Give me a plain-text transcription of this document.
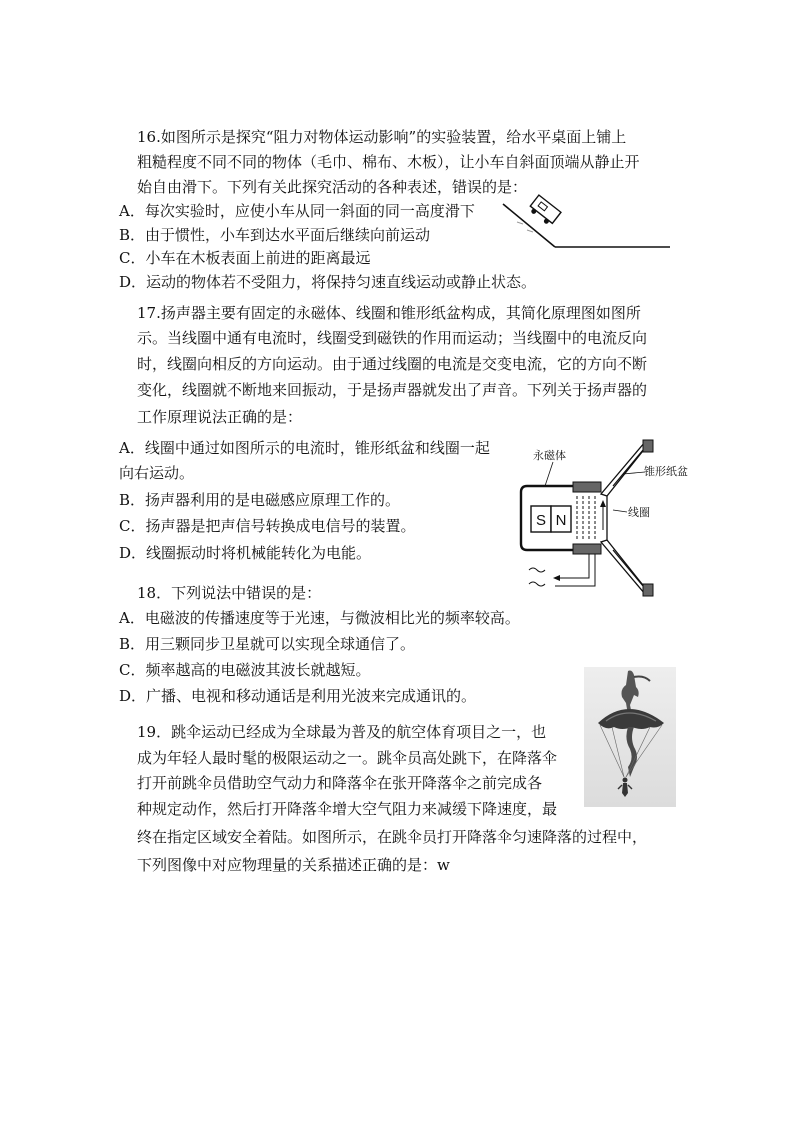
16.如图所示是探究“阻力对物体运动影响”的实验装置，给水平桌面上铺上
粗糙程度不同不同的物体（毛巾、棉布、木板），让小车自斜面顶端从静止开
始自由滑下。下列有关此探究活动的各种表述，错误的是：
A．每次实验时，应使小车从同一斜面的同一高度滑下
B．由于惯性，小车到达水平面后继续向前运动
C．小车在木板表面上前进的距离最远
D．运动的物体若不受阻力，将保持匀速直线运动或静止状态。
17.扬声器主要有固定的永磁体、线圈和锥形纸盆构成，其简化原理图如图所
示。当线圈中通有电流时，线圈受到磁铁的作用而运动；当线圈中的电流反向
时，线圈向相反的方向运动。由于通过线圈的电流是交变电流，它的方向不断
变化，线圈就不断地来回振动，于是扬声器就发出了声音。下列关于扬声器的
工作原理说法正确的是：
A．线圈中通过如图所示的电流时，锥形纸盆和线圈一起
向右运动。
B．扬声器利用的是电磁感应原理工作的。
C．扬声器是把声信号转换成电信号的装置。
D．线圈振动时将机械能转化为电能。
S N
永磁体
锥形纸盆
线圈
18．下列说法中错误的是：
A．电磁波的传播速度等于光速，与微波相比光的频率较高。
B．用三颗同步卫星就可以实现全球通信了。
C．频率越高的电磁波其波长就越短。
D．广播、电视和移动通话是利用光波来完成通讯的。
19．跳伞运动已经成为全球最为普及的航空体育项目之一，也
成为年轻人最时髦的极限运动之一。跳伞员高处跳下，在降落伞
打开前跳伞员借助空气动力和降落伞在张开降落伞之前完成各
种规定动作，然后打开降落伞增大空气阻力来减缓下降速度，最
终在指定区域安全着陆。如图所示，在跳伞员打开降落伞匀速降落的过程中，
下列图像中对应物理量的关系描述正确的是：w
